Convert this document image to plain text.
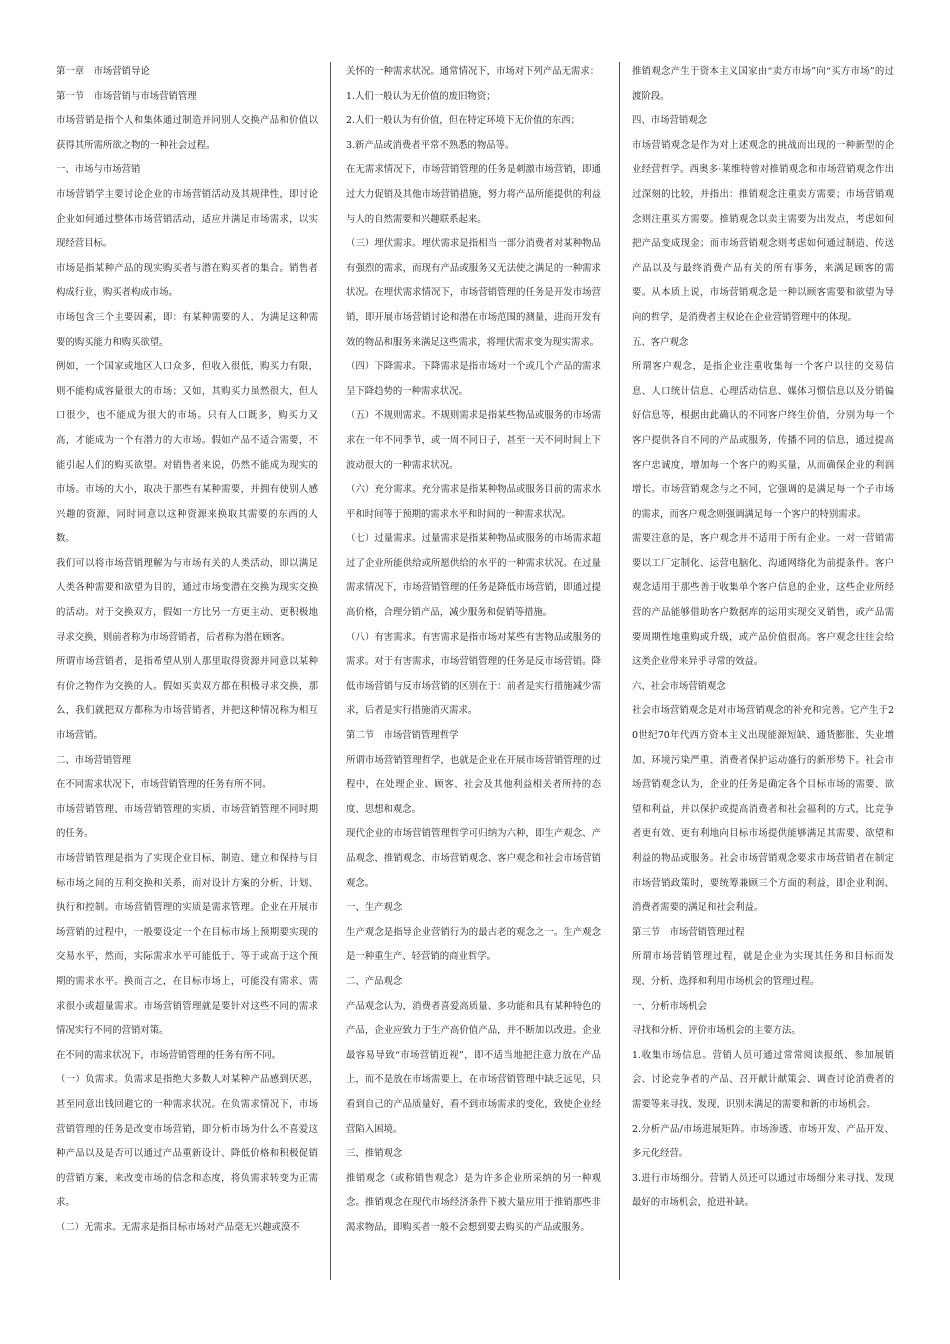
第一章　市场营销导论

第一节　市场营销与市场营销管理

市场营销是指个人和集体通过制造并同别人交换产品和价值以获得其所需所欲之物的一种社会过程。

一、市场与市场营销

市场营销学主要讨论企业的市场营销活动及其规律性，即讨论企业如何通过整体市场营销活动，适应并满足市场需求，以实现经营目标。

市场是指某种产品的现实购买者与潜在购买者的集合。销售者构成行业，购买者构成市场。

市场包含三个主要因素，即：有某种需要的人、为满足这种需要的购买能力和购买欲望。

例如，一个国家或地区人口众多，但收入很低，购买力有限，则不能构成容量很大的市场；又如，其购买力虽然很大，但人口很少，也不能成为很大的市场。只有人口既多，购买力又高，才能成为一个有潜力的大市场。假如产品不适合需要，不能引起人们的购买欲望。对销售者来说，仍然不能成为现实的市场。市场的大小，取决于那些有某种需要，并拥有使别人感兴趣的资源，同时同意以这种资源来换取其需要的东西的人数。

我们可以将市场营销理解为与市场有关的人类活动，即以满足人类各种需要和欲望为目的，通过市场变潜在交换为现实交换的活动。对于交换双方，假如一方比另一方更主动、更积极地寻求交换，则前者称为市场营销者，后者称为潜在顾客。

所谓市场营销者，是指希望从别人那里取得资源并同意以某种有价之物作为交换的人。假如买卖双方都在积极寻求交换，那么，我们就把双方都称为市场营销者，并把这种情况称为相互市场营销。

二、市场营销管理

在不同需求状况下，市场营销管理的任务有所不同。

市场营销管理、市场营销管理的实质、市场营销管理不同时期的任务。

市场营销管理是指为了实现企业目标，制造、建立和保持与目标市场之间的互利交换和关系，而对设计方案的分析、计划、执行和控制。市场营销管理的实质是需求管理。企业在开展市场营销的过程中，一般要设定一个在目标市场上预期要实现的交易水平，然而，实际需求水平可能低于、等于或高于这个预期的需求水平。换而言之，在目标市场上，可能没有需求、需求很小或超量需求。市场营销管理就是要针对这些不同的需求情况实行不同的营销对策。

在不同的需求状况下，市场营销管理的任务有所不同。

（一）负需求。负需求是指绝大多数人对某种产品感到厌恶，甚至同意出钱回避它的一种需求状况。在负需求情况下，市场营销管理的任务是改变市场营销，即分析市场为什么不喜爱这种产品以及是否可以通过产品重新设计、降低价格和积极促销的营销方案，来改变市场的信念和态度，将负需求转变为正需求。

（二）无需求。无需求是指目标市场对产品毫无兴趣或漠不

关怀的一种需求状况。通常情况下，市场对下列产品无需求：

1.人们一般认为无价值的废旧物资；

2.人们一般认为有价值，但在特定环境下无价值的东西；

3.新产品或消费者平常不熟悉的物品等。

在无需求情况下，市场营销管理的任务是刺激市场营销，即通过大力促销及其他市场营销措施，努力将产品所能提供的利益与人的自然需要和兴趣联系起来。

（三）埋伏需求。埋伏需求是指相当一部分消费者对某种物品有强烈的需求，而现有产品或服务又无法使之满足的一种需求状况。在埋伏需求情况下，市场营销管理的任务是开发市场营销，即开展市场营销讨论和潜在市场范围的测量，进而开发有效的物品和服务来满足这些需求，将埋伏需求变为现实需求。

（四）下降需求。下降需求是指市场对一个或几个产品的需求呈下降趋势的一种需求状况。

（五）不规则需求。不规则需求是指某些物品或服务的市场需求在一年不同季节，或一周不同日子，甚至一天不同时间上下波动很大的一种需求状况。

（六）充分需求。充分需求是指某种物品或服务目前的需求水平和时间等于预期的需求水平和时间的一种需求状况。

（七）过量需求。过量需求是指某种物品或服务的市场需求超过了企业所能供给或所愿供给的水平的一种需求状况。在过量需求情况下，市场营销管理的任务是降低市场营销，即通过提高价格，合理分销产品，减少服务和促销等措施。

（八）有害需求。有害需求是指市场对某些有害物品或服务的需求。对于有害需求，市场营销管理的任务是反市场营销。降低市场营销与反市场营销的区别在于：前者是实行措施减少需求，后者是实行措施消灭需求。

第二节　市场营销管理哲学

所谓市场营销管理哲学，也就是企业在开展市场营销管理的过程中，在处理企业、顾客、社会及其他利益相关者所持的态度、思想和观念。

现代企业的市场营销管理哲学可归纳为六种，即生产观念、产品观念、推销观念、市场营销观念、客户观念和社会市场营销观念。

一、生产观念

生产观念是指导企业营销行为的最古老的观念之一。生产观念是一种重生产、轻营销的商业哲学。

二、产品观念

产品观念认为，消费者喜爱高质量、多功能和具有某种特色的产品，企业应致力于生产高价值产品，并不断加以改进。企业最容易导致“市场营销近视”，即不适当地把注意力放在产品上，而不是放在市场需要上，在市场营销管理中缺乏远见，只看到自己的产品质量好，看不到市场需求的变化，致使企业经营陷入困境。

三、推销观念

推销观念（或称销售观念）是为许多企业所采纳的另一种观念。推销观念在现代市场经济条件下被大量应用于推销那些非渴求物品，即购买者一般不会想到要去购买的产品或服务。

推销观念产生于资本主义国家由“卖方市场”向“买方市场”的过渡阶段。

四、市场营销观念

市场营销观念是作为对上述观念的挑战而出现的一种新型的企业经营哲学。西奥多·莱维特曾对推销观念和市场营销观念作出过深刻的比较，并指出：推销观念注重卖方需要；市场营销观念则注重买方需要。推销观念以卖主需要为出发点，考虑如何把产品变成现金；而市场营销观念则考虑如何通过制造、传送产品以及与最终消费产品有关的所有事务，来满足顾客的需要。从本质上说，市场营销观念是一种以顾客需要和欲望为导向的哲学，是消费者主权论在企业营销管理中的体现。

五、客户观念

所谓客户观念，是指企业注重收集每一个客户以往的交易信息、人口统计信息、心理活动信息、媒体习惯信息以及分销偏好信息等，根据由此确认的不同客户终生价值，分别为每一个客户提供各自不同的产品或服务，传播不同的信息，通过提高客户忠诚度，增加每一个客户的购买量，从而确保企业的利润增长。市场营销观念与之不同，它强调的是满足每一个子市场的需求，而客户观念则强调满足每一个客户的特别需求。

需要注意的是，客户观念并不适用于所有企业。一对一营销需要以工厂定制化、运营电脑化、沟通网络化为前提条件。客户观念适用于那些善于收集单个客户信息的企业，这些企业所经营的产品能够借助客户数据库的运用实现交叉销售，或产品需要周期性地重购或升级，或产品价值很高。客户观念往往会给这类企业带来异乎寻常的效益。

六、社会市场营销观念

社会市场营销观念是对市场营销观念的补充和完善。它产生于20世纪70年代西方资本主义出现能源短缺、通货膨胀、失业增加、环境污染严重、消费者保护运动盛行的新形势下。社会市场营销观念认为，企业的任务是确定各个目标市场的需要、欲望和利益，并以保护或提高消费者和社会福利的方式，比竞争者更有效、更有利地向目标市场提供能够满足其需要、欲望和利益的物品或服务。社会市场营销观念要求市场营销者在制定市场营销政策时，要统筹兼顾三个方面的利益，即企业利润、消费者需要的满足和社会利益。

第三节　市场营销管理过程

所谓市场营销管理过程，就是企业为实现其任务和目标而发现、分析、选择和利用市场机会的管理过程。

一、分析市场机会

寻找和分析、评价市场机会的主要方法。

1.收集市场信息。营销人员可通过常常阅读报纸、参加展销会、讨论竞争者的产品、召开献计献策会、调查讨论消费者的需要等来寻找、发现、识别未满足的需要和新的市场机会。

2.分析产品/市场进展矩阵。市场渗透、市场开发、产品开发、多元化经营。

3.进行市场细分。营销人员还可以通过市场细分来寻找、发现最好的市场机会，抢进补缺。
